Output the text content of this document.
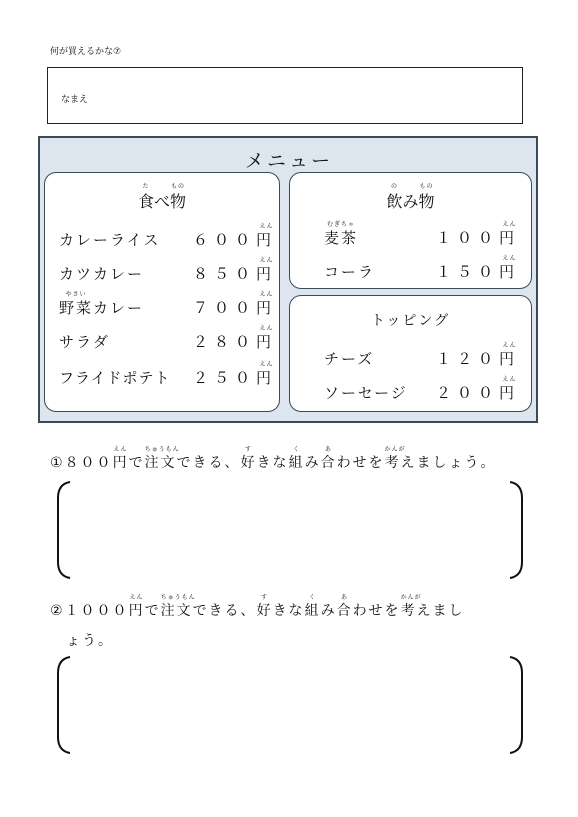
何が買えるかな⑦
なまえ
メニュー
た
食べ
もの
物
カレーライス ６００
えん
円
カツカレー	８５０
えん
円
やさい
野菜カレー	７００
えん
円
サラダ	２８０
えん
円
フライドポテト ２５０
えん
円
の
飲み
もの
物
むぎちゃ
麦茶	１００
えん
円
コーラ	１５０
えん
円
トッピング
チーズ	１２０
えん
円
ソーセージ ２００
えん
円
①８００
えん
円で
ちゅうもん
注文できる、
す
好きな
く
組み
あ
合わせを
かんが
考えましょう。
②１０００
えん
円で
ちゅうもん
注文できる、
す
好きな
く
組み
あ
合わせを
かんが
考えまし
ょう。
